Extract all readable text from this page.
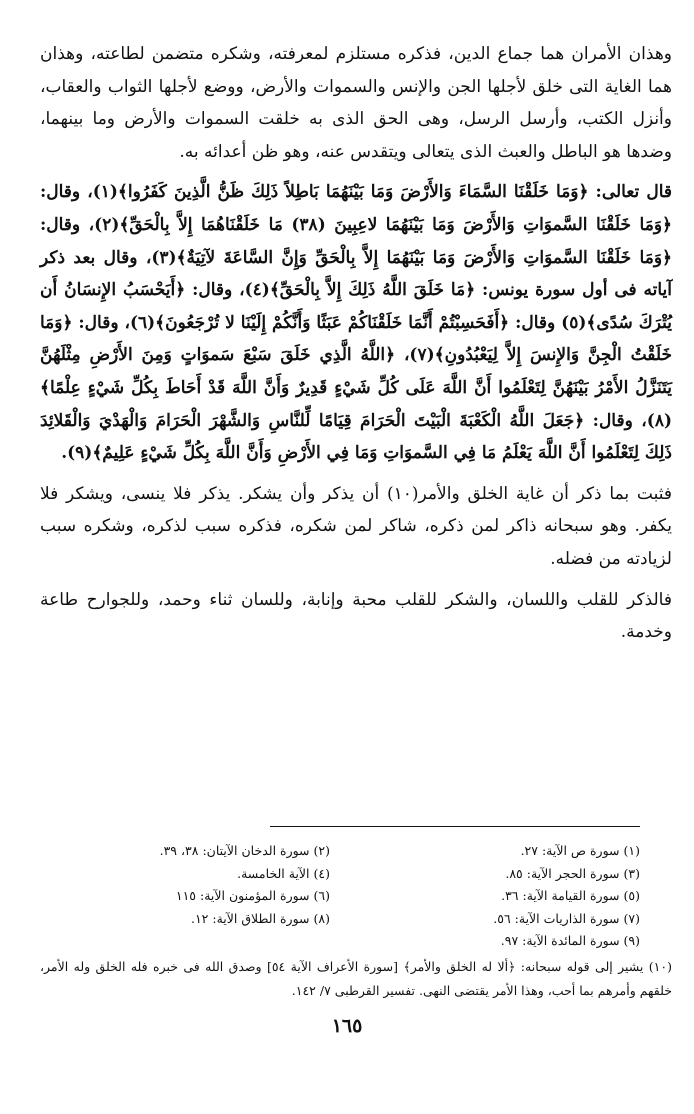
وهذان الأمران هما جماع الدين، فذكره مستلزم لمعرفته، وشكره متضمن لطاعته، وهذان هما الغاية التى خلق لأجلها الجن والإنس والسموات والأرض، ووضع لأجلها الثواب والعقاب، وأنزل الكتب، وأرسل الرسل، وهى الحق الذى به خلقت السموات والأرض وما بينهما، وضدها هو الباطل والعبث الذى يتعالى ويتقدس عنه، وهو ظن أعدائه به.

قال تعالى: ﴿وَمَا خَلَقْنَا السَّمَاءَ وَالأَرْضَ وَمَا بَيْنَهُمَا بَاطِلاً ذَلِكَ ظَنُّ الَّذِينَ كَفَرُوا﴾(١)، وقال: ﴿وَمَا خَلَقْنَا السَّموَاتِ وَالأَرْضَ وَمَا بَيْنَهُمَا لاعِبِينَ (٣٨) مَا خَلَقْنَاهُمَا إِلاَّ بِالْحَقِّ﴾(٢)، وقال: ﴿وَمَا خَلَقْنَا السَّموَاتِ وَالأَرْضَ وَمَا بَيْنَهُمَا إِلاَّ بِالْحَقِّ وَإِنَّ السَّاعَةَ لآتِيَةٌ﴾(٣)، وقال بعد ذكر آياته فى أول سورة يونس: ﴿مَا خَلَقَ اللَّهُ ذَلِكَ إِلاَّ بِالْحَقِّ﴾(٤)، وقال: ﴿أَيَحْسَبُ الإِنسَانُ أَن يُتْرَكَ سُدًى﴾(٥) وقال: ﴿أَفَحَسِبْتُمْ أَنَّمَا خَلَقْنَاكُمْ عَبَثًا وَأَنَّكُمْ إِلَيْنَا لا تُرْجَعُونَ﴾(٦)، وقال: ﴿وَمَا خَلَقْتُ الْجِنَّ وَالإِنسَ إِلاَّ لِيَعْبُدُونِ﴾(٧)، ﴿اللَّهُ الَّذِي خَلَقَ سَبْعَ سَموَاتٍ وَمِنَ الأَرْضِ مِثْلَهُنَّ يَتَنَزَّلُ الأَمْرُ بَيْنَهُنَّ لِتَعْلَمُوا أَنَّ اللَّهَ عَلَى كُلِّ شَيْءٍ قَدِيرٌ وَأَنَّ اللَّهَ قَدْ أَحَاطَ بِكُلِّ شَيْءٍ عِلْمًا﴾(٨)، وقال: ﴿جَعَلَ اللَّهُ الْكَعْبَةَ الْبَيْتَ الْحَرَامَ قِيَامًا لِّلنَّاسِ وَالشَّهْرَ الْحَرَامَ وَالْهَدْيَ وَالْقَلائِدَ ذَلِكَ لِتَعْلَمُوا أَنَّ اللَّهَ يَعْلَمُ مَا فِي السَّموَاتِ وَمَا فِي الأَرْضِ وَأَنَّ اللَّهَ بِكُلِّ شَيْءٍ عَلِيمٌ﴾(٩).

فثبت بما ذكر أن غاية الخلق والأمر(١٠) أن يذكر وأن يشكر. يذكر فلا ينسى، ويشكر فلا يكفر. وهو سبحانه ذاكر لمن ذكره، شاكر لمن شكره، فذكره سبب لذكره، وشكره سبب لزيادته من فضله.

فالذكر للقلب واللسان، والشكر للقلب محبة وإنابة، وللسان ثناء وحمد، وللجوارح طاعة وخدمة.

(١) سورة ص الآية: ٢٧.
(٢) سورة الدخان الآيتان: ٣٨، ٣٩.
(٣) سورة الحجر الآية: ٨٥.
(٤) الآية الخامسة.
(٥) سورة القيامة الآية: ٣٦.
(٦) سورة المؤمنون الآية: ١١٥
(٧) سورة الذاريات الآية: ٥٦.
(٨) سورة الطلاق الآية: ١٢.
(٩) سورة المائدة الآية: ٩٧.
(١٠) يشير إلى قوله سبحانه: ﴿ألا له الخلق والأمر﴾ [سورة الأعراف الآية ٥٤] وصدق الله فى خبره فله الخلق وله الأمر، خلقهم وأمرهم بما أحب، وهذا الأمر يقتضى النهى. تفسير القرطبى ٧/ ١٤٢.
١٦٥
